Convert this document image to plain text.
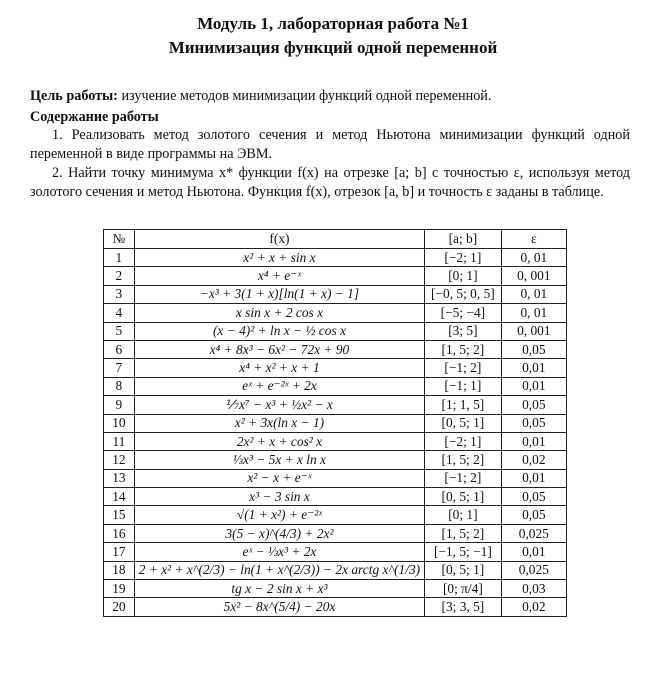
Модуль 1, лабораторная работа №1
Минимизация функций одной переменной
Цель работы: изучение методов минимизации функций одной переменной.
Содержание работы
1. Реализовать метод золотого сечения и метод Ньютона минимизации функций одной переменной в виде программы на ЭВМ.
2. Найти точку минимума x* функции f(x) на отрезке [a; b] с точностью ε, используя метод золотого сечения и метод Ньютона. Функция f(x), отрезок [a, b] и точность ε заданы в таблице.
№	f(x)	[a; b]	ε
1	x² + x + sin x	[−2; 1]	0, 01
2	x⁴ + e⁻ˣ	[0; 1]	0, 001
3	−x³ + 3(1 + x)[ln(1 + x) − 1]	[−0, 5; 0, 5]	0, 01
4	x sin x + 2 cos x	[−5; −4]	0, 01
5	(x − 4)² + ln x − ½ cos x	[3; 5]	0, 001
6	x⁴ + 8x³ − 6x² − 72x + 90	[1, 5; 2]	0,05
7	x⁴ + x² + x + 1	[−1; 2]	0,01
8	eˣ + e⁻²ˣ + 2x	[−1; 1]	0,01
9	⅐x⁷ − x³ + ½x² − x	[1; 1, 5]	0,05
10	x² + 3x(ln x − 1)	[0, 5; 1]	0,05
11	2x² + x + cos² x	[−2; 1]	0,01
12	⅓x³ − 5x + x ln x	[1, 5; 2]	0,02
13	x² − x + e⁻ˣ	[−1; 2]	0,01
14	x³ − 3 sin x	[0, 5; 1]	0,05
15	√(1 + x²) + e⁻²ˣ	[0; 1]	0,05
16	3(5 − x)^(4/3) + 2x²	[1, 5; 2]	0,025
17	eˣ − ⅓x³ + 2x	[−1, 5; −1]	0,01
18	2 + x² + x^(2/3) − ln(1 + x^(2/3)) − 2x arctg x^(1/3)	[0, 5; 1]	0,025
19	tg x − 2 sin x + x³	[0; π/4]	0,03
20	5x² − 8x^(5/4) − 20x	[3; 3, 5]	0,02
